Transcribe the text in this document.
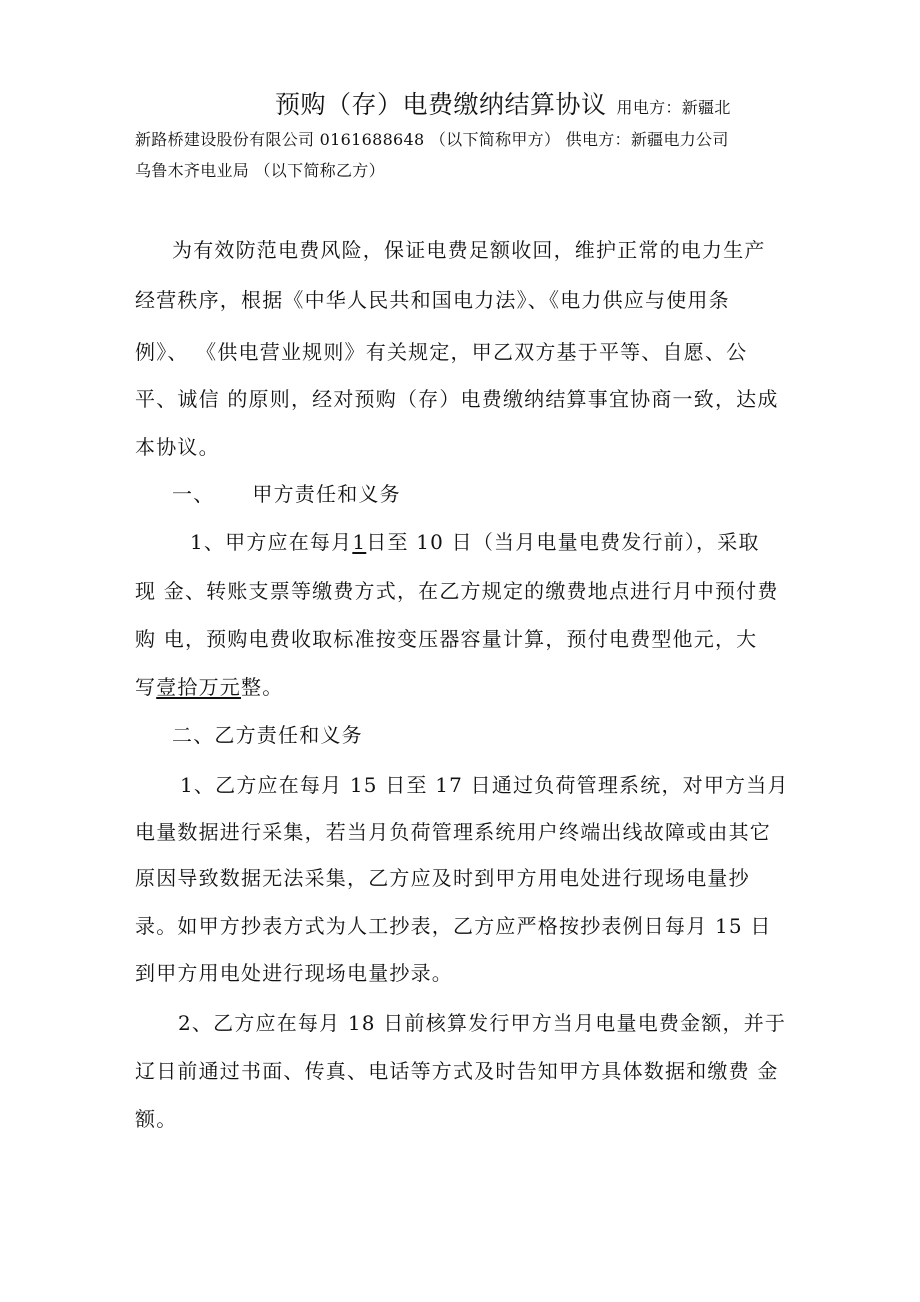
预购（存）电费缴纳结算协议 用电方：新疆北
新路桥建设股份有限公司 0161688648 （以下简称甲方） 供电方：新疆电力公司
乌鲁木齐电业局 （以下简称乙方）
为有效防范电费风险，保证电费足额收回，维护正常的电力生产
经营秩序，根据《中华人民共和国电力法》、《电力供应与使用条
例》、 《供电营业规则》有关规定，甲乙双方基于平等、自愿、公
平、诚信 的原则，经对预购（存）电费缴纳结算事宜协商一致，达成
本协议。
一、 甲方责任和义务
1、甲方应在每月1日至 10 日（当月电量电费发行前），采取
现 金、转账支票等缴费方式，在乙方规定的缴费地点进行月中预付费
购 电，预购电费收取标准按变压器容量计算，预付电费型他元，大
写壹拾万元整。
二、乙方责任和义务
1、乙方应在每月 15 日至 17 日通过负荷管理系统，对甲方当月
电量数据进行采集，若当月负荷管理系统用户终端出线故障或由其它
原因导致数据无法采集，乙方应及时到甲方用电处进行现场电量抄
录。如甲方抄表方式为人工抄表，乙方应严格按抄表例日每月 15 日
到甲方用电处进行现场电量抄录。
2、乙方应在每月 18 日前核算发行甲方当月电量电费金额，并于
辽日前通过书面、传真、电话等方式及时告知甲方具体数据和缴费 金
额。
